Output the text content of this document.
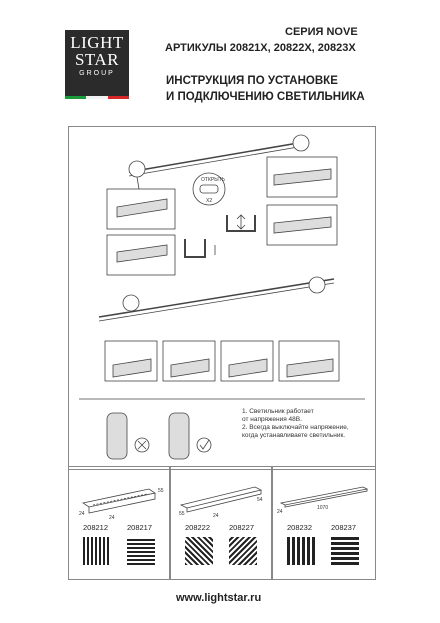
LIGHT
STAR
GROUP
СЕРИЯ NOVE
АРТИКУЛЫ 20821X, 20822X, 20823X
ИНСТРУКЦИЯ ПО УСТАНОВКЕ
И ПОДКЛЮЧЕНИЮ СВЕТИЛЬНИКА
ОТКРЫТЬ
X2
1. Светильник работает
от напряжения 48В.
2. Всегда выключайте напряжение,
когда устанавливаете светильник.
24
55
24
208212	208217
24
55
54
208222	208227
24
1070
208232	208237
www.lightstar.ru
